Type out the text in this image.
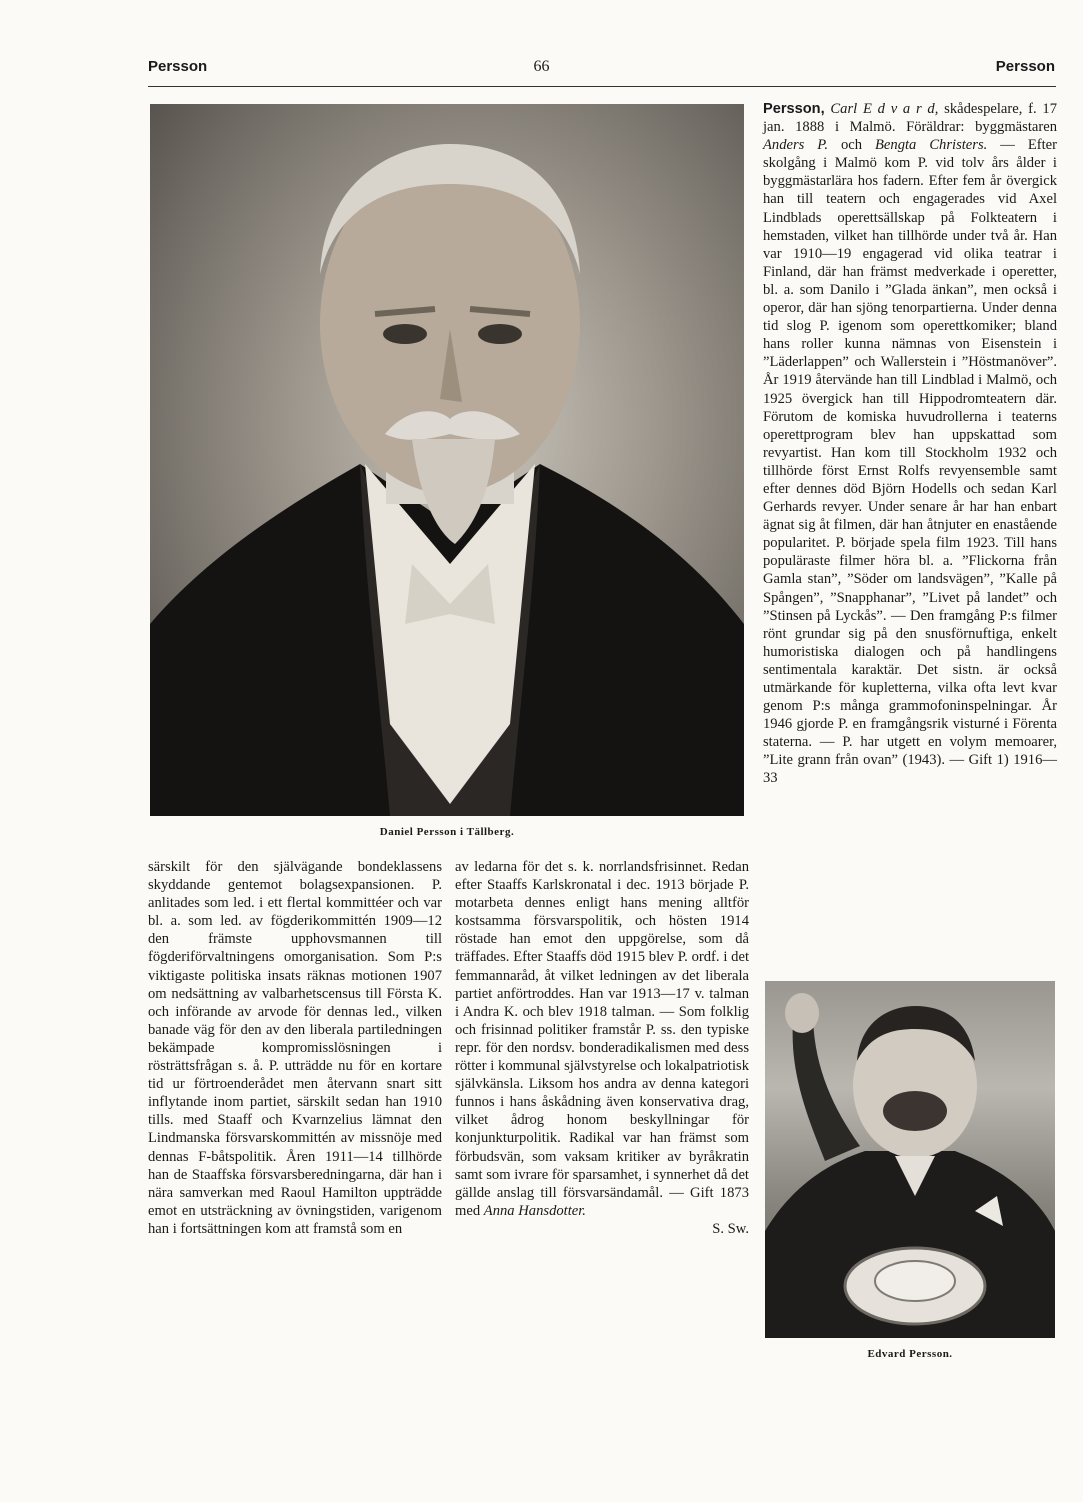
Persson	66	Persson
Daniel Persson i Tällberg.

särskilt för den självägande bondeklassens skyddande gentemot bolagsexpansionen. P. anlitades som led. i ett flertal kommittéer och var bl. a. som led. av fögderikommittén 1909—12 den främste upphovsmannen till fögderiförvaltningens omorganisation. Som P:s viktigaste politiska insats räknas motionen 1907 om nedsättning av valbarhetscensus till Första K. och införande av arvode för dennas led., vilken banade väg för den av den liberala partiledningen bekämpade kompromisslösningen i rösträttsfrågan s. å. P. utträdde nu för en kortare tid ur förtroenderådet men återvann snart sitt inflytande inom partiet, särskilt sedan han 1910 tills. med Staaff och Kvarnzelius lämnat den Lindmanska försvarskommittén av missnöje med dennas F-båtspolitik. Åren 1911—14 tillhörde han de Staaffska försvarsberedningarna, där han i nära samverkan med Raoul Hamilton uppträdde emot en utsträckning av övningstiden, varigenom han i fortsättningen kom att framstå som en

av ledarna för det s. k. norrlandsfrisinnet. Redan efter Staaffs Karlskronatal i dec. 1913 började P. motarbeta dennes enligt hans mening alltför kostsamma försvarspolitik, och hösten 1914 röstade han emot den uppgörelse, som då träffades. Efter Staaffs död 1915 blev P. ordf. i det femmannaråd, åt vilket ledningen av det liberala partiet anförtroddes. Han var 1913—17 v. talman i Andra K. och blev 1918 talman. — Som folklig och frisinnad politiker framstår P. ss. den typiske repr. för den nordsv. bonderadikalismen med dess rötter i kommunal självstyrelse och lokalpatriotisk självkänsla. Liksom hos andra av denna kategori funnos i hans åskådning även konservativa drag, vilket ådrog honom beskyllningar för konjunkturpolitik. Radikal var han främst som förbudsvän, som vaksam kritiker av byråkratin samt som ivrare för sparsamhet, i synnerhet då det gällde anslag till försvarsändamål. — Gift 1873 med Anna Hansdotter.

S. Sw.

Persson, Carl E d v a r d, skådespelare, f. 17 jan. 1888 i Malmö. Föräldrar: byggmästaren Anders P. och Bengta Christers. — Efter skolgång i Malmö kom P. vid tolv års ålder i byggmästarlära hos fadern. Efter fem år övergick han till teatern och engagerades vid Axel Lindblads operettsällskap på Folkteatern i hemstaden, vilket han tillhörde under två år. Han var 1910—19 engagerad vid olika teatrar i Finland, där han främst medverkade i operetter, bl. a. som Danilo i ”Glada änkan”, men också i operor, där han sjöng tenorpartierna. Under denna tid slog P. igenom som operettkomiker; bland hans roller kunna nämnas von Eisenstein i ”Läderlappen” och Wallerstein i ”Höstmanöver”. År 1919 återvände han till Lindblad i Malmö, och 1925 övergick han till Hippodromteatern där. Förutom de komiska huvudrollerna i teaterns operettprogram blev han uppskattad som revyartist. Han kom till Stockholm 1932 och tillhörde först Ernst Rolfs revyensemble samt efter dennes död Björn Hodells och sedan Karl Gerhards revyer. Under senare år har han enbart ägnat sig åt filmen, där han åtnjuter en enastående popularitet. P. började spela film 1923. Till hans populäraste filmer höra bl. a. ”Flickorna från Gamla stan”, ”Söder om landsvägen”, ”Kalle på Spången”, ”Snapphanar”, ”Livet på landet” och ”Stinsen på Lyckås”. — Den framgång P:s filmer rönt grundar sig på den snusförnuftiga, enkelt humoristiska dialogen och på handlingens sentimentala karaktär. Det sistn. är också utmärkande för kupletterna, vilka ofta levt kvar genom P:s många grammofoninspelningar. År 1946 gjorde P. en framgångsrik visturné i Förenta staterna. — P. har utgett en volym memoarer, ”Lite grann från ovan” (1943). — Gift 1) 1916—33

Edvard Persson.
